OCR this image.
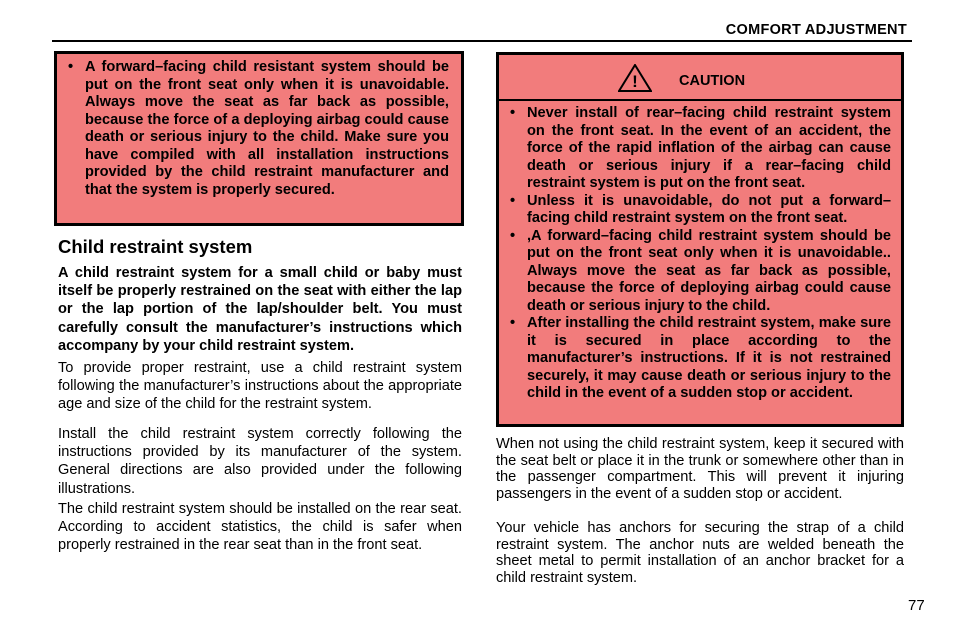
COMFORT ADJUSTMENT
• A forward–facing child resistant system should be put on the front seat only when it is unavoidable. Always move the seat as far back as possible, because the force of a deploying airbag could cause death or serious injury to the child. Make sure you have compiled with all installation instructions provided by the child restraint manufacturer and that the system is properly secured.
Child restraint system

A child restraint system for a small child or baby must itself be properly restrained on the seat with either the lap or the lap portion of the lap/shoulder belt. You must carefully consult the manufacturer’s instructions which accompany by your child restraint system.

To provide proper restraint, use a child restraint system following the manufacturer’s instructions about the appropriate age and size of the child for the restraint system.

Install the child restraint system correctly following the instructions provided by its manufacturer of the system. General directions are also provided under the following illustrations.

The child restraint system should be installed on the rear seat. According to accident statistics, the child is safer when properly restrained in the rear seat than in the front seat.

!	CAUTION
• Never install of rear–facing child restraint system on the front seat. In the event of an accident, the force of the rapid inflation of the airbag can cause death or serious injury if a rear–facing child restraint system is put on the front seat.
• Unless it is unavoidable, do not put a forward–facing child restraint system on the front seat.
• ,A forward–facing child restraint system should be put on the front seat only when it is unavoidable.. Always move the seat as far back as possible, because the force of deploying airbag could cause death or serious injury to the child.
• After installing the child restraint system, make sure it is secured in place according to the manufacturer’s instructions. If it is not restrained securely, it may cause death or serious injury to the child in the event of a sudden stop or accident.

When not using the child restraint system, keep it secured with the seat belt or place it in the trunk or somewhere other than in the passenger compartment. This will prevent it injuring passengers in the event of a sudden stop or accident.

Your vehicle has anchors for securing the strap of a child restraint system. The anchor nuts are welded beneath the sheet metal to permit installation of an anchor bracket for a child restraint system.

77
